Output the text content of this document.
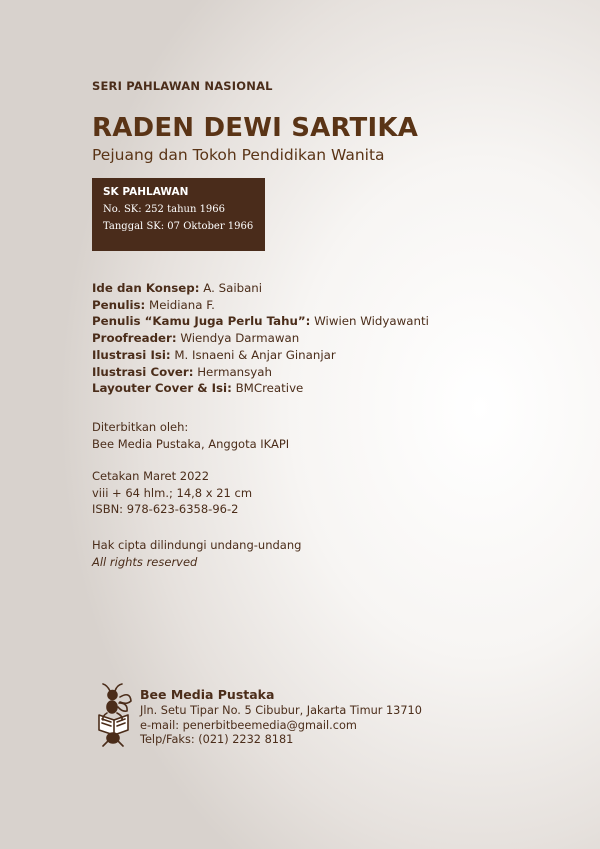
SERI PAHLAWAN NASIONAL
RADEN DEWI SARTIKA
Pejuang dan Tokoh Pendidikan Wanita
SK PAHLAWAN
No. SK: 252 tahun 1966
Tanggal SK: 07 Oktober 1966
Ide dan Konsep: A. Saibani
Penulis: Meidiana F.
Penulis “Kamu Juga Perlu Tahu”: Wiwien Widyawanti
Proofreader: Wiendya Darmawan
Ilustrasi Isi: M. Isnaeni & Anjar Ginanjar
Ilustrasi Cover: Hermansyah
Layouter Cover & Isi: BMCreative
Diterbitkan oleh:
Bee Media Pustaka, Anggota IKAPI
Cetakan Maret 2022
viii + 64 hlm.; 14,8 x 21 cm
ISBN: 978-623-6358-96-2
Hak cipta dilindungi undang-undang
All rights reserved
Bee Media Pustaka
Jln. Setu Tipar No. 5 Cibubur, Jakarta Timur 13710
e-mail: penerbitbeemedia@gmail.com
Telp/Faks: (021) 2232 8181
